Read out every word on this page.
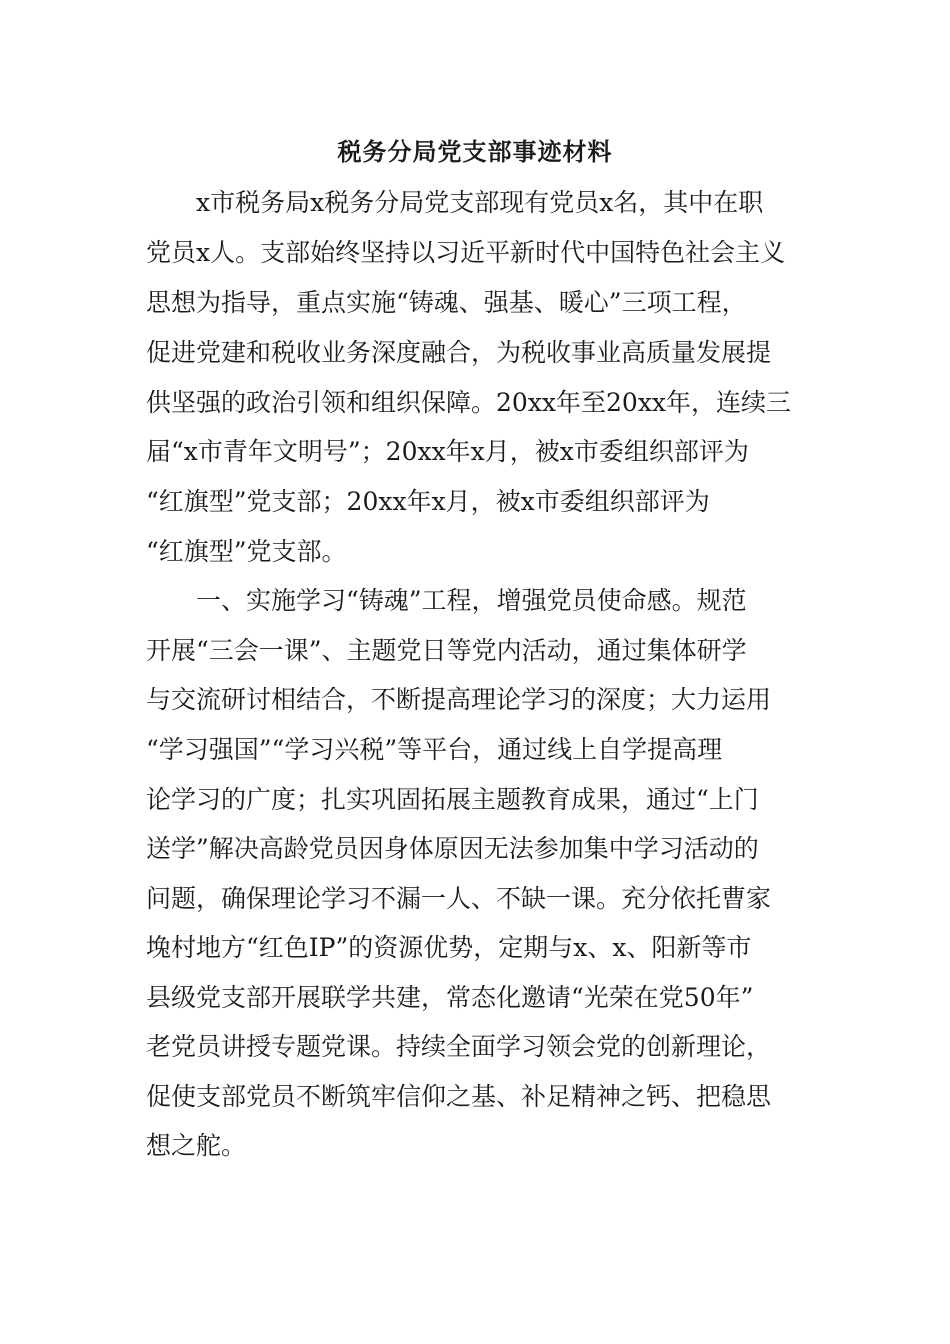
税务分局党支部事迹材料

x市税务局x税务分局党支部现有党员x名，其中在职

党员x人。支部始终坚持以习近平新时代中国特色社会主义

思想为指导，重点实施“铸魂、强基、暖心”三项工程，

促进党建和税收业务深度融合，为税收事业高质量发展提

供坚强的政治引领和组织保障。20xx年至20xx年，连续三

届“x市青年文明号”；20xx年x月，被x市委组织部评为

“红旗型”党支部；20xx年x月，被x市委组织部评为

“红旗型”党支部。

一、实施学习“铸魂”工程，增强党员使命感。规范

开展“三会一课”、主题党日等党内活动，通过集体研学

与交流研讨相结合，不断提高理论学习的深度；大力运用

“学习强国”“学习兴税”等平台，通过线上自学提高理

论学习的广度；扎实巩固拓展主题教育成果，通过“上门

送学”解决高龄党员因身体原因无法参加集中学习活动的

问题，确保理论学习不漏一人、不缺一课。充分依托曹家

堍村地方“红色IP”的资源优势，定期与x、x、阳新等市

县级党支部开展联学共建，常态化邀请“光荣在党50年”

老党员讲授专题党课。持续全面学习领会党的创新理论，

促使支部党员不断筑牢信仰之基、补足精神之钙、把稳思

想之舵。
